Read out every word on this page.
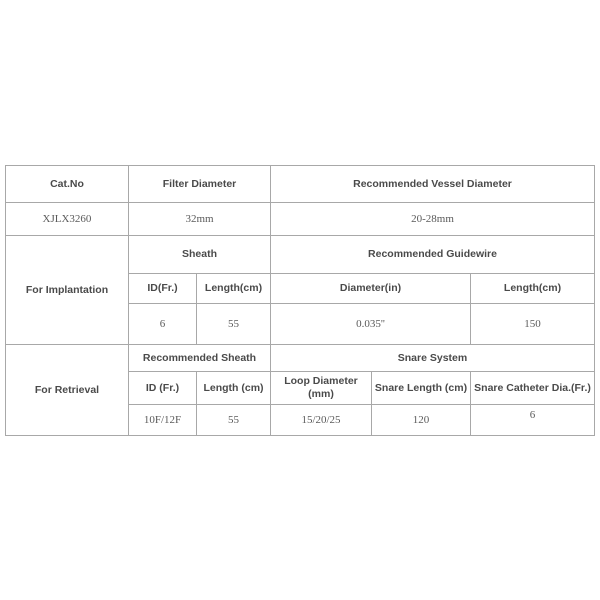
Cat.No	Filter Diameter		Recommended Vessel Diameter		
XJLX3260	32mm		20-28mm		
For Implantation	Sheath		Recommended Guidewire		
	ID(Fr.)	Length(cm)	Diameter(in)		Length(cm)
	6	55	0.035''		150
For Retrieval	Recommended Sheath		Snare System		
	ID (Fr.)	Length (cm)	Loop Diameter (mm)	Snare Length (cm)	Snare Catheter Dia.(Fr.)
	10F/12F	55	15/20/25	120	6
